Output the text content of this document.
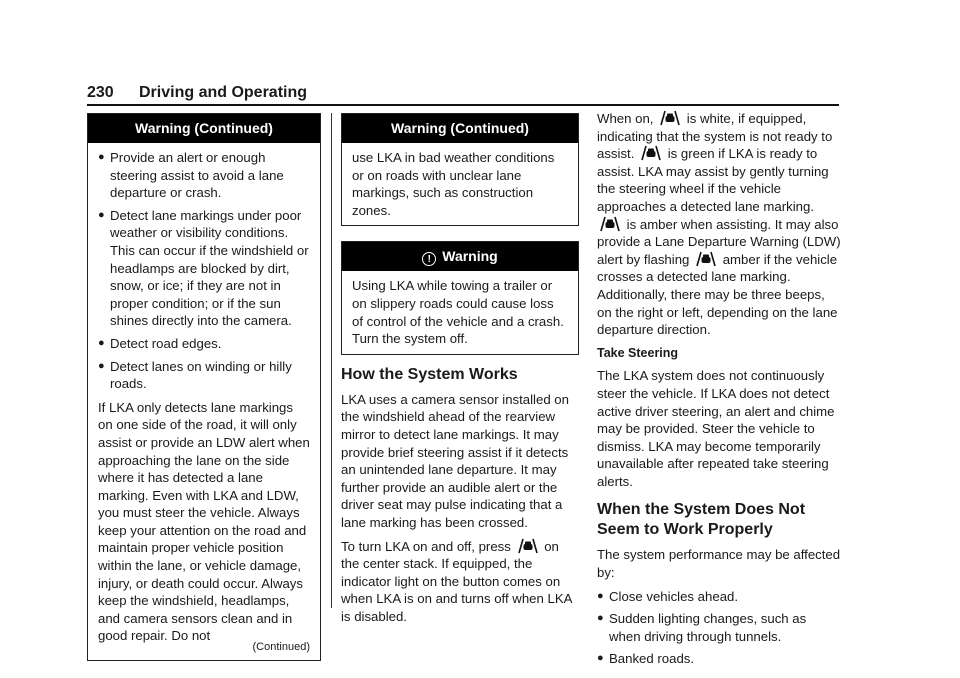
230 Driving and Operating
Warning (Continued)
● Provide an alert or enough steering assist to avoid a lane departure or crash.
● Detect lane markings under poor weather or visibility conditions. This can occur if the windshield or headlamps are blocked by dirt, snow, or ice; if they are not in proper condition; or if the sun shines directly into the camera.
● Detect road edges.
● Detect lanes on winding or hilly roads.

If LKA only detects lane markings on one side of the road, it will only assist or provide an LDW alert when approaching the lane on the side where it has detected a lane marking. Even with LKA and LDW, you must steer the vehicle. Always keep your attention on the road and maintain proper vehicle position within the lane, or vehicle damage, injury, or death could occur. Always keep the windshield, headlamps, and camera sensors clean and in good repair. Do not

(Continued)
Warning (Continued)

use LKA in bad weather conditions or on roads with unclear lane markings, such as construction zones.

! Warning

Using LKA while towing a trailer or on slippery roads could cause loss of control of the vehicle and a crash. Turn the system off.

How the System Works

LKA uses a camera sensor installed on the windshield ahead of the rearview mirror to detect lane markings. It may provide brief steering assist if it detects an unintended lane departure. It may further provide an audible alert or the driver seat may pulse indicating that a lane marking has been crossed.

To turn LKA on and off, press	on the center stack. If equipped, the indicator light on the button comes on when LKA is on and turns off when LKA is disabled.

When on,	is white, if equipped, indicating that the system is not ready to assist.	is green if LKA is ready to assist. LKA may assist by gently turning the steering wheel if the vehicle approaches a detected lane marking.  is amber when assisting. It may also provide a Lane Departure Warning (LDW) alert by flashing	amber if the vehicle crosses a detected lane marking. Additionally, there may be three beeps, on the right or left, depending on the lane departure direction.

Take Steering

The LKA system does not continuously steer the vehicle. If LKA does not detect active driver steering, an alert and chime may be provided. Steer the vehicle to dismiss. LKA may become temporarily unavailable after repeated take steering alerts.

When the System Does Not Seem to Work Properly

The system performance may be affected by:

● Close vehicles ahead.
● Sudden lighting changes, such as when driving through tunnels.
● Banked roads.
